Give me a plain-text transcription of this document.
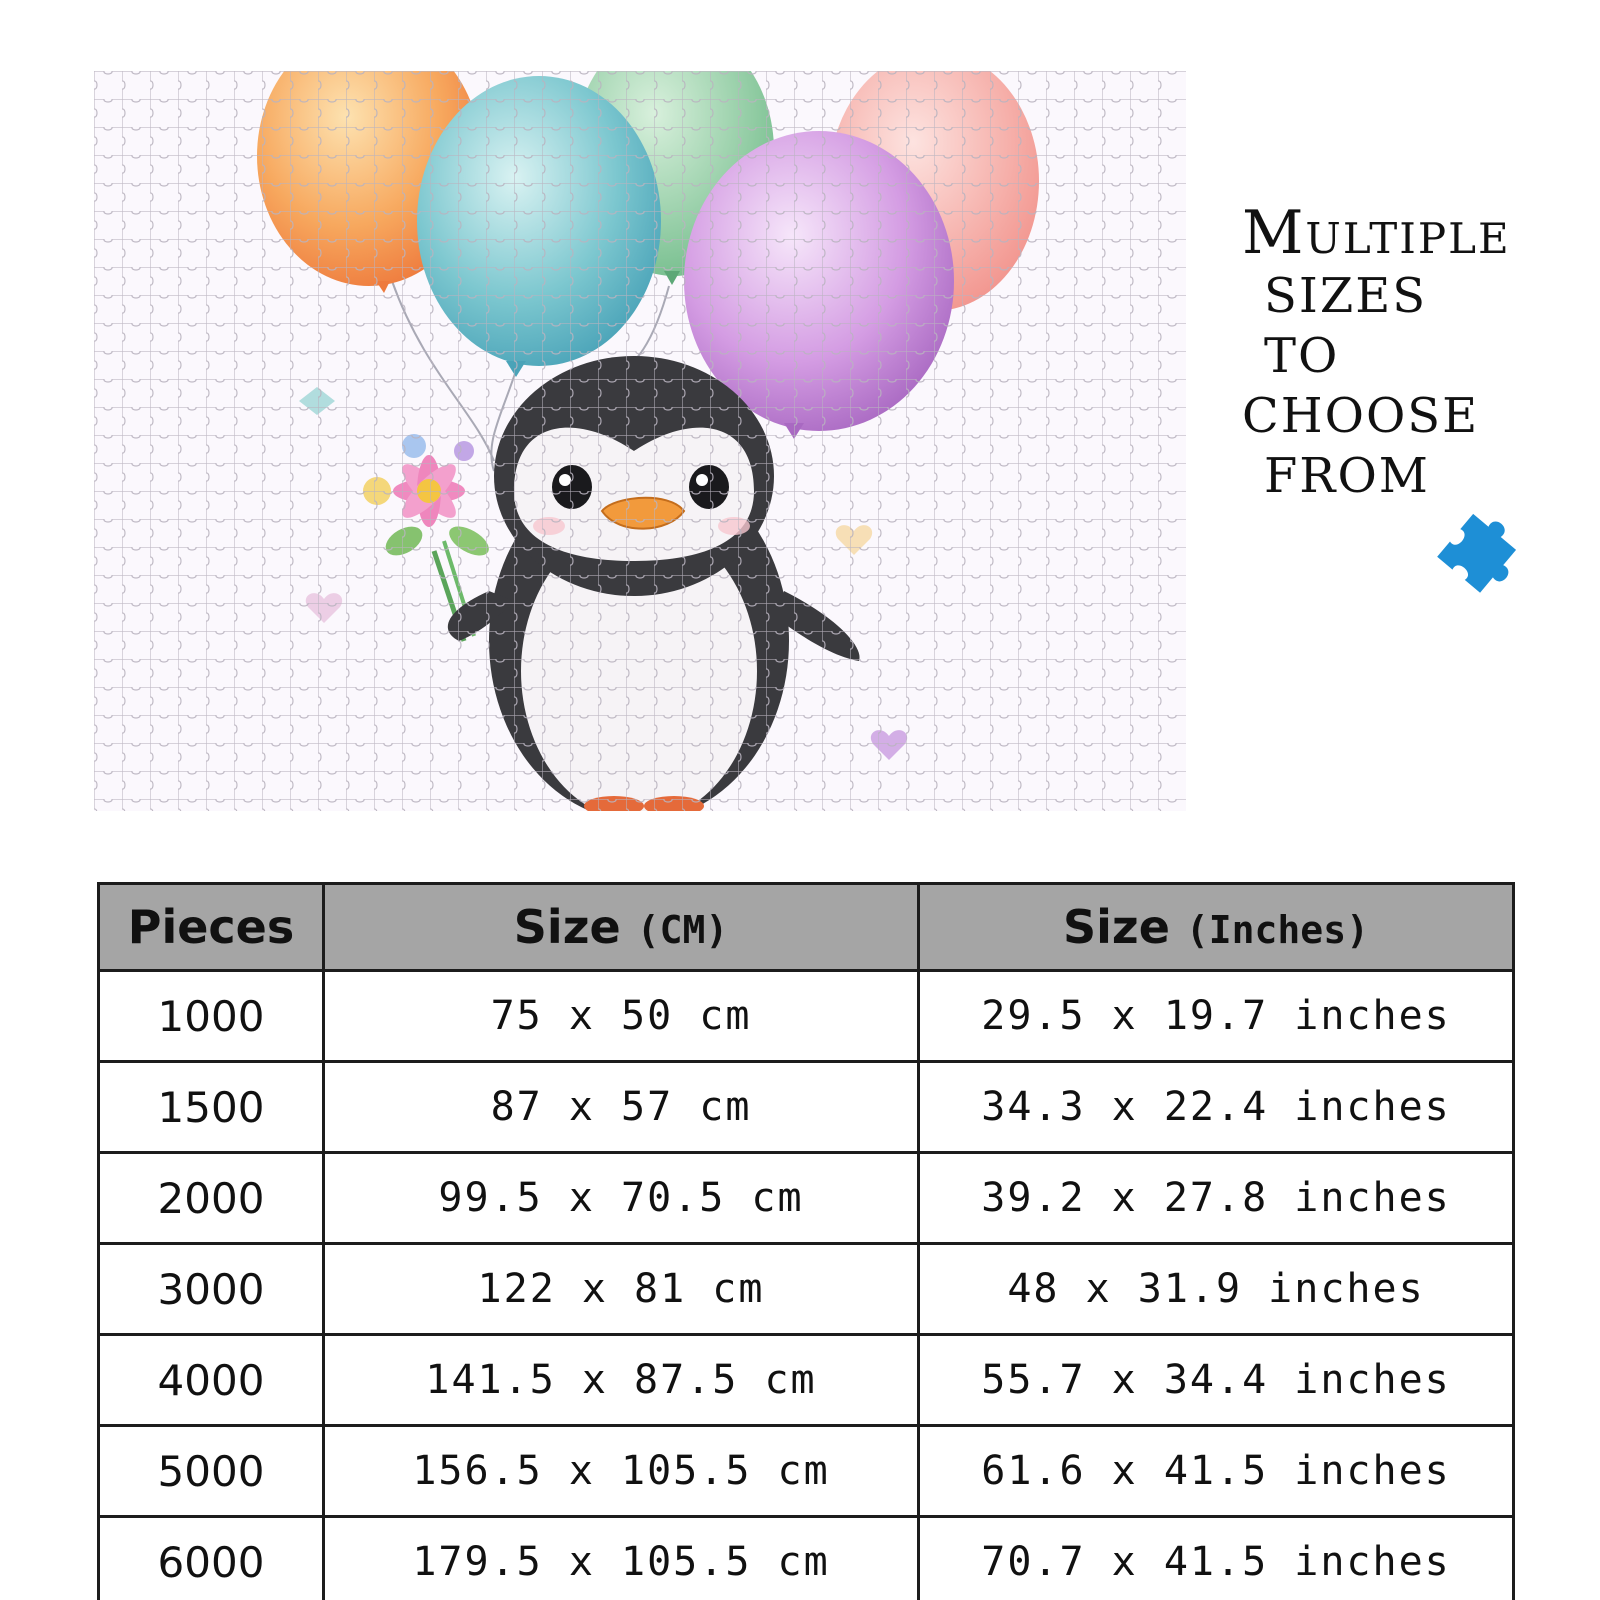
Multiple
SIZES
TO
CHOOSE
FROM
Pieces	Size (CM)	Size (Inches)
1000	75 x 50 cm	29.5 x 19.7 inches
1500	87 x 57 cm	34.3 x 22.4 inches
2000	99.5 x 70.5 cm	39.2 x 27.8 inches
3000	122 x 81 cm	48 x 31.9 inches
4000	141.5 x 87.5 cm	55.7 x 34.4 inches
5000	156.5 x 105.5 cm	61.6 x 41.5 inches
6000	179.5 x 105.5 cm	70.7 x 41.5 inches
